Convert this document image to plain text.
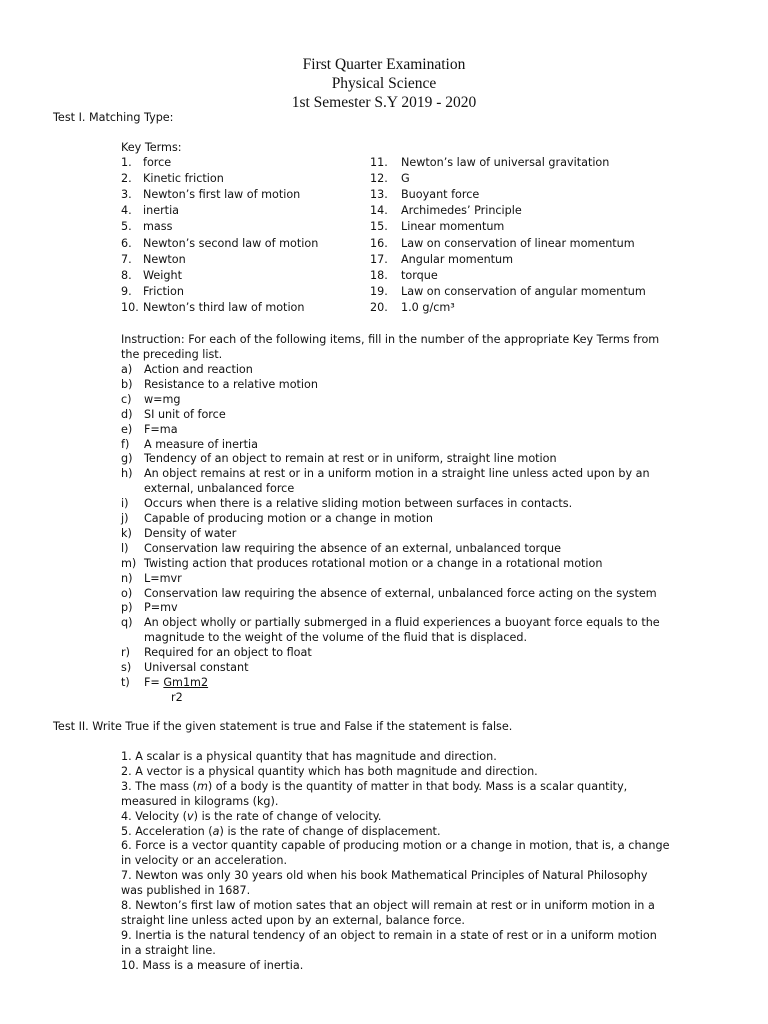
First Quarter Examination
Physical Science
1st Semester S.Y 2019 - 2020
Test I. Matching Type:
Key Terms:
1. force
2. Kinetic friction
3. Newton’s first law of motion
4. inertia
5. mass
6. Newton’s second law of motion
7. Newton
8. Weight
9. Friction
10. Newton’s third law of motion
11. Newton’s law of universal gravitation
12. G
13. Buoyant force
14. Archimedes’ Principle
15. Linear momentum
16. Law on conservation of linear momentum
17. Angular momentum
18. torque
19. Law on conservation of angular momentum
20. 1.0 g/cm³
Instruction: For each of the following items, fill in the number of the appropriate Key Terms from
the preceding list.
a) Action and reaction
b) Resistance to a relative motion
c) w=mg
d) SI unit of force
e) F=ma
f) A measure of inertia
g) Tendency of an object to remain at rest or in uniform, straight line motion
h) An object remains at rest or in a uniform motion in a straight line unless acted upon by an
external, unbalanced force
i) Occurs when there is a relative sliding motion between surfaces in contacts.
j) Capable of producing motion or a change in motion
k) Density of water
l) Conservation law requiring the absence of an external, unbalanced torque
m) Twisting action that produces rotational motion or a change in a rotational motion
n) L=mvr
o) Conservation law requiring the absence of external, unbalanced force acting on the system
p) P=mv
q) An object wholly or partially submerged in a fluid experiences a buoyant force equals to the
magnitude to the weight of the volume of the fluid that is displaced.
r) Required for an object to float
s) Universal constant
t) F= Gm1m2
r2
Test II. Write True if the given statement is true and False if the statement is false.
1. A scalar is a physical quantity that has magnitude and direction.
2. A vector is a physical quantity which has both magnitude and direction.
3. The mass (m) of a body is the quantity of matter in that body. Mass is a scalar quantity,
measured in kilograms (kg).
4. Velocity (v) is the rate of change of velocity.
5. Acceleration (a) is the rate of change of displacement.
6. Force is a vector quantity capable of producing motion or a change in motion, that is, a change
in velocity or an acceleration.
7. Newton was only 30 years old when his book Mathematical Principles of Natural Philosophy
was published in 1687.
8. Newton’s first law of motion sates that an object will remain at rest or in uniform motion in a
straight line unless acted upon by an external, balance force.
9. Inertia is the natural tendency of an object to remain in a state of rest or in a uniform motion
in a straight line.
10. Mass is a measure of inertia.
